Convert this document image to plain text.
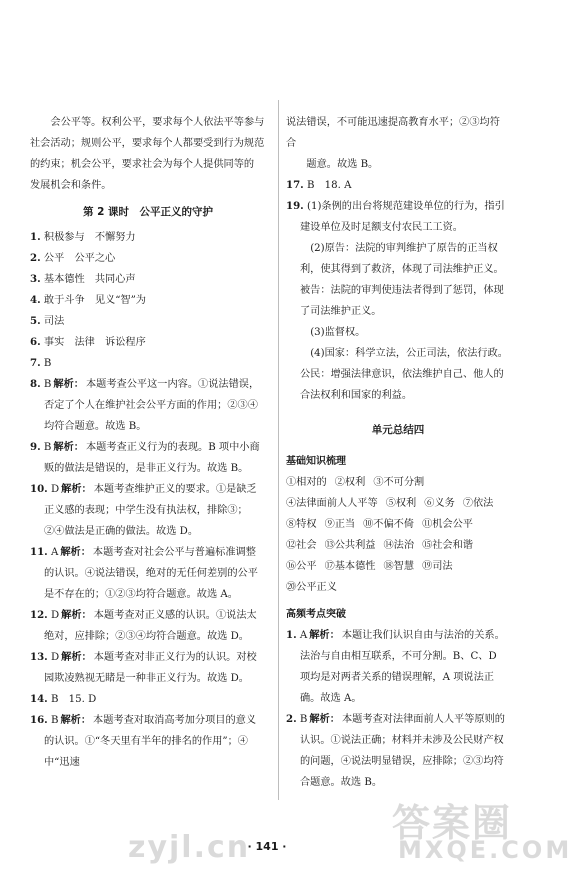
会公平等。权利公平，要求每个人依法平等参与

社会活动；规则公平，要求每个人都要受到行为规范

的约束；机会公平，要求社会为每个人提供同等的

发展机会和条件。

第 2 课时　公平正义的守护

1. 积极参与　不懈努力

2. 公平　公平之心

3. 基本德性　共同心声

4. 敢于斗争　见义“智”为

5. 司法

6. 事实　法律　诉讼程序

7. B

8. B 解析： 本题考查公平这一内容。①说法错误，否定了个人在维护社会公平方面的作用；②③④均符合题意。故选 B。

9. B 解析： 本题考查正义行为的表现。B 项中小商贩的做法是错误的，是非正义行为。故选 B。

10. D 解析： 本题考查维护正义的要求。①是缺乏正义感的表现；中学生没有执法权，排除③；②④做法是正确的做法。故选 D。

11. A 解析： 本题考查对社会公平与普遍标准调整的认识。④说法错误，绝对的无任何差别的公平是不存在的；①②③均符合题意。故选 A。

12. D 解析： 本题考查对正义感的认识。①说法太绝对，应排除；②③④均符合题意。故选 D。

13. D 解析： 本题考查对非正义行为的认识。对校园欺凌熟视无睹是一种非正义行为。故选 D。

14. B　15. D

16. B 解析： 本题考查对取消高考加分项目的意义的认识。①“冬天里有半年的排名的作用”；④中“迅速

说法错误，不可能迅速提高教育水平；②③均符合

题意。故选 B。

17. B　18. A

19. (1)条例的出台将规范建设单位的行为，指引建设单位及时足额支付农民工工资。

(2)原告：法院的审判维护了原告的正当权利，使其得到了救济，体现了司法维护正义。被告：法院的审判使违法者得到了惩罚，体现了司法维护正义。

(3)监督权。

(4)国家：科学立法，公正司法，依法行政。公民：增强法律意识，依法维护自己、他人的合法权利和国家的利益。

单元总结四
基础知识梳理
①相对的 ②权利 ③不可分割
④法律面前人人平等 ⑤权利 ⑥义务 ⑦依法
⑧特权 ⑨正当 ⑩不偏不倚 ⑪机会公平
⑫社会 ⑬公共利益 ⑭法治 ⑮社会和谐
⑯公平 ⑰基本德性 ⑱智慧 ⑲司法
⑳公平正义
高频考点突破

1. A 解析： 本题让我们认识自由与法治的关系。法治与自由相互联系，不可分割。B、C、D 项均是对两者关系的错误理解，A 项说法正确。故选 A。

2. B 解析： 本题考查对法律面前人人平等原则的认识。①说法正确；材料并未涉及公民财产权的问题，④说法明显错误，应排除；②③均符合题意。故选 B。

· 141 ·
zyjl.cn
答案圈
MXQE.COM
